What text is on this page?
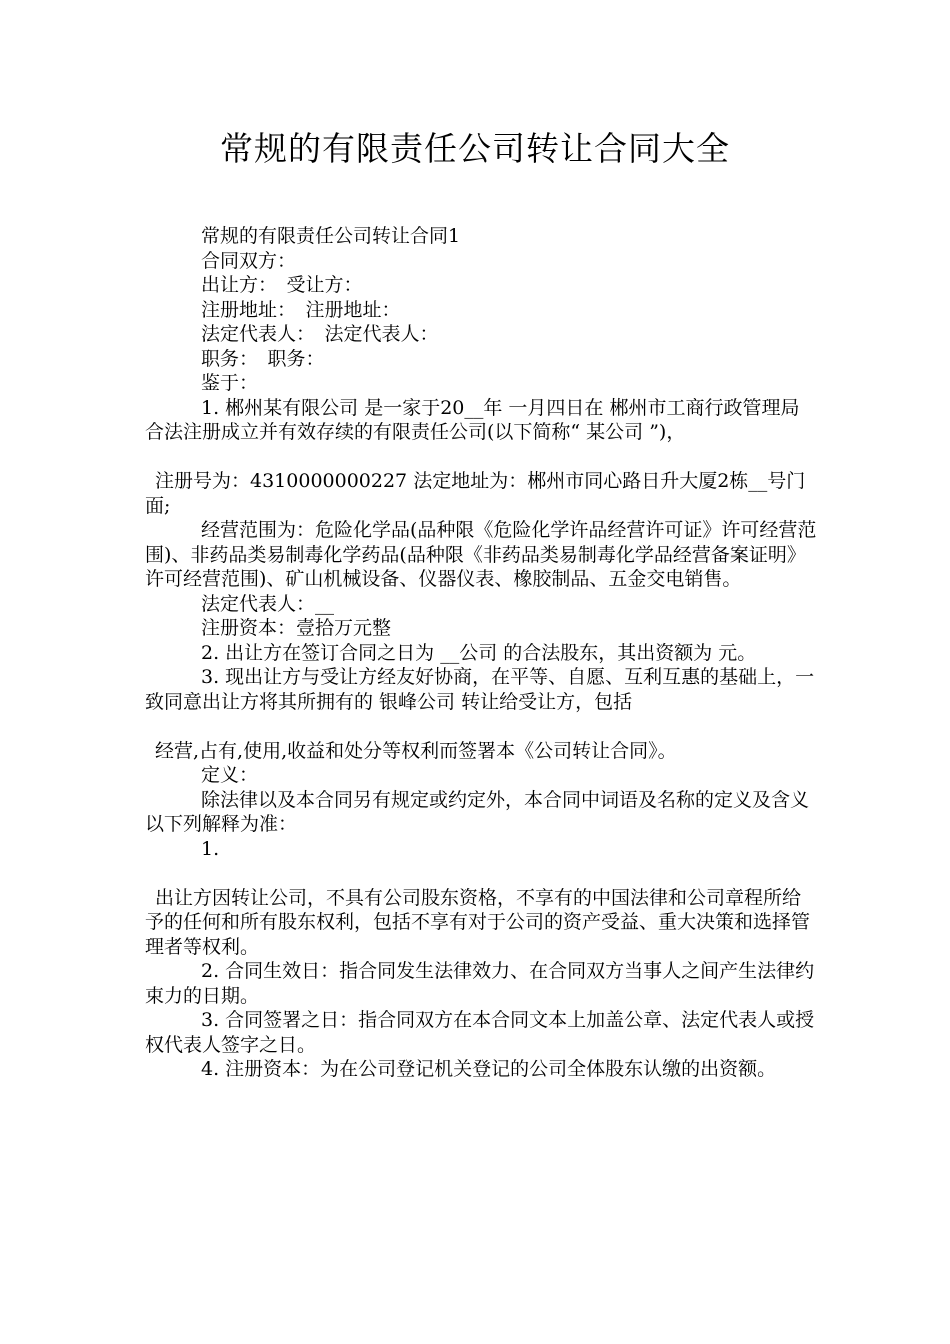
常规的有限责任公司转让合同大全

常规的有限责任公司转让合同1

合同双方：

出让方：　受让方：

注册地址：　注册地址：

法定代表人：　法定代表人：

职务：　职务：

鉴于：

1. 郴州某有限公司 是一家于20__年 一月四日在 郴州市工商行政管理局 合法注册成立并有效存续的有限责任公司(以下简称“ 某公司 ”)，

注册号为：4310000000227 法定地址为：郴州市同心路日升大厦2栋__号门面;

经营范围为：危险化学品(品种限《危险化学许品经营许可证》许可经营范围)、非药品类易制毒化学药品(品种限《非药品类易制毒化学品经营备案证明》许可经营范围)、矿山机械设备、仪器仪表、橡胶制品、五金交电销售。

法定代表人：__

注册资本：壹拾万元整

2. 出让方在签订合同之日为 __公司 的合法股东，其出资额为 元。

3. 现出让方与受让方经友好协商，在平等、自愿、互利互惠的基础上，一致同意出让方将其所拥有的 银峰公司 转让给受让方，包括

经营,占有,使用,收益和处分等权利而签署本《公司转让合同》。

定义：

除法律以及本合同另有规定或约定外，本合同中词语及名称的定义及含义以下列解释为准：

1.

出让方因转让公司，不具有公司股东资格，不享有的中国法律和公司章程所给予的任何和所有股东权利，包括不享有对于公司的资产受益、重大决策和选择管理者等权利。

2. 合同生效日：指合同发生法律效力、在合同双方当事人之间产生法律约束力的日期。

3. 合同签署之日：指合同双方在本合同文本上加盖公章、法定代表人或授权代表人签字之日。

4. 注册资本：为在公司登记机关登记的公司全体股东认缴的出资额。
